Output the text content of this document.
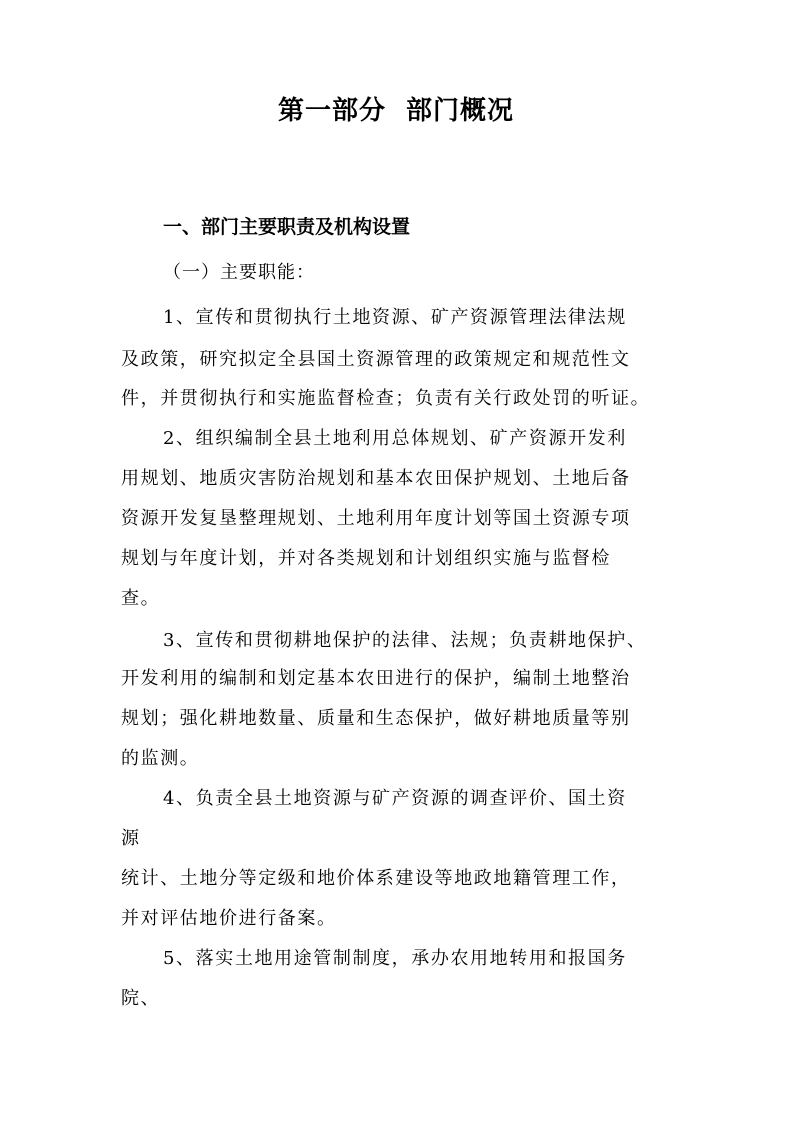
第一部分  部门概况
一、部门主要职责及机构设置
（一）主要职能：
1、宣传和贯彻执行土地资源、矿产资源管理法律法规
及政策，研究拟定全县国土资源管理的政策规定和规范性文
件，并贯彻执行和实施监督检查；负责有关行政处罚的听证。
2、组织编制全县土地利用总体规划、矿产资源开发利
用规划、地质灾害防治规划和基本农田保护规划、土地后备
资源开发复垦整理规划、土地利用年度计划等国土资源专项
规划与年度计划，并对各类规划和计划组织实施与监督检
查。
3、宣传和贯彻耕地保护的法律、法规；负责耕地保护、
开发利用的编制和划定基本农田进行的保护，编制土地整治
规划；强化耕地数量、质量和生态保护，做好耕地质量等别
的监测。
4、负责全县土地资源与矿产资源的调查评价、国土资
源
统计、土地分等定级和地价体系建设等地政地籍管理工作，
并对评估地价进行备案。
5、落实土地用途管制制度，承办农用地转用和报国务
院、
